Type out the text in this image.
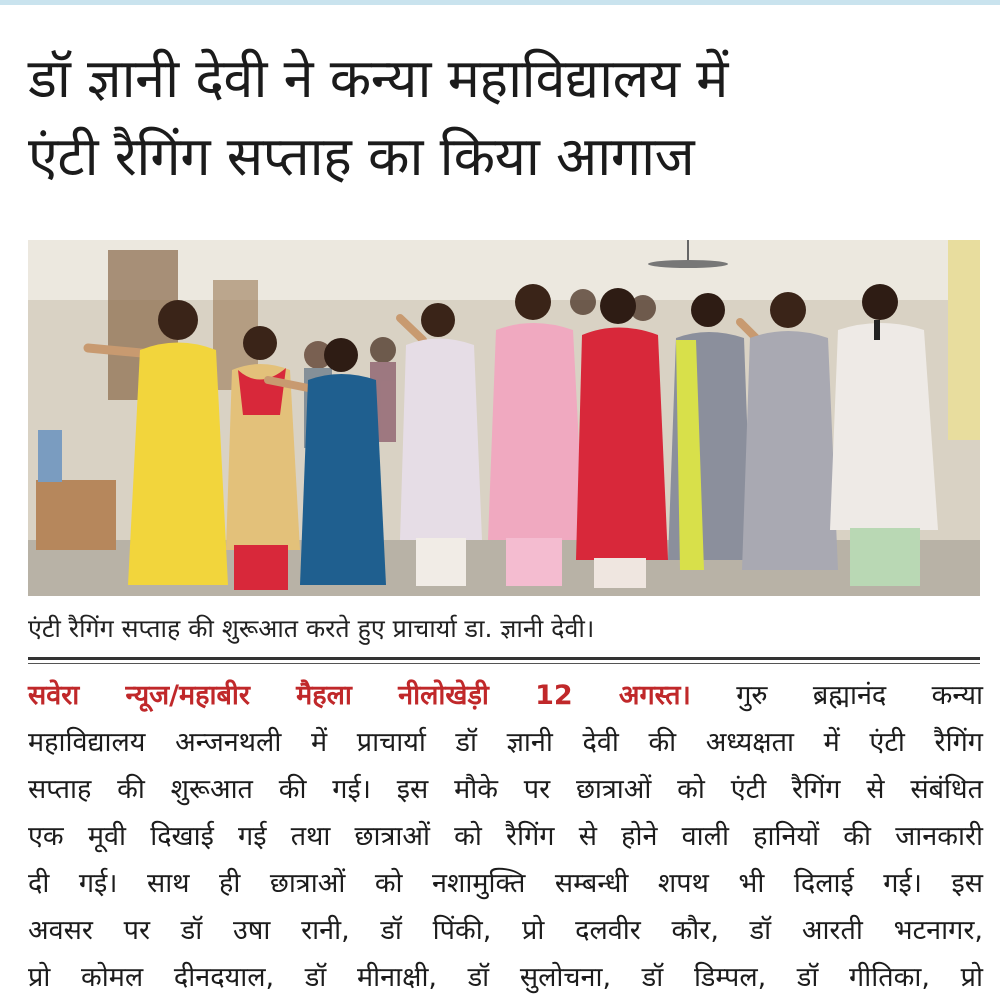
डॉ ज्ञानी देवी ने कन्या महाविद्यालय में
एंटी रैगिंग सप्ताह का किया आगाज

एंटी रैगिंग सप्ताह की शुरूआत करते हुए प्राचार्या डा. ज्ञानी देवी।

सवेरा न्यूज/महाबीर मैहला नीलोखेड़ी 12 अगस्त। गुरु ब्रह्मानंद कन्या
महाविद्यालय अन्जनथली में प्राचार्या डॉ ज्ञानी देवी की अध्यक्षता में एंटी रैगिंग
सप्ताह की शुरूआत की गई। इस मौके पर छात्राओं को एंटी रैगिंग से संबंधित
एक मूवी दिखाई गई तथा छात्राओं को रैगिंग से होने वाली हानियों की जानकारी
दी गई। साथ ही छात्राओं को नशामुक्ति सम्बन्धी शपथ भी दिलाई गई। इस
अवसर पर डॉ उषा रानी, डॉ पिंकी, प्रो दलवीर कौर, डॉ आरती भटनागर,
प्रो कोमल दीनदयाल, डॉ मीनाक्षी, डॉ सुलोचना, डॉ डिम्पल, डॉ गीतिका, प्रो
